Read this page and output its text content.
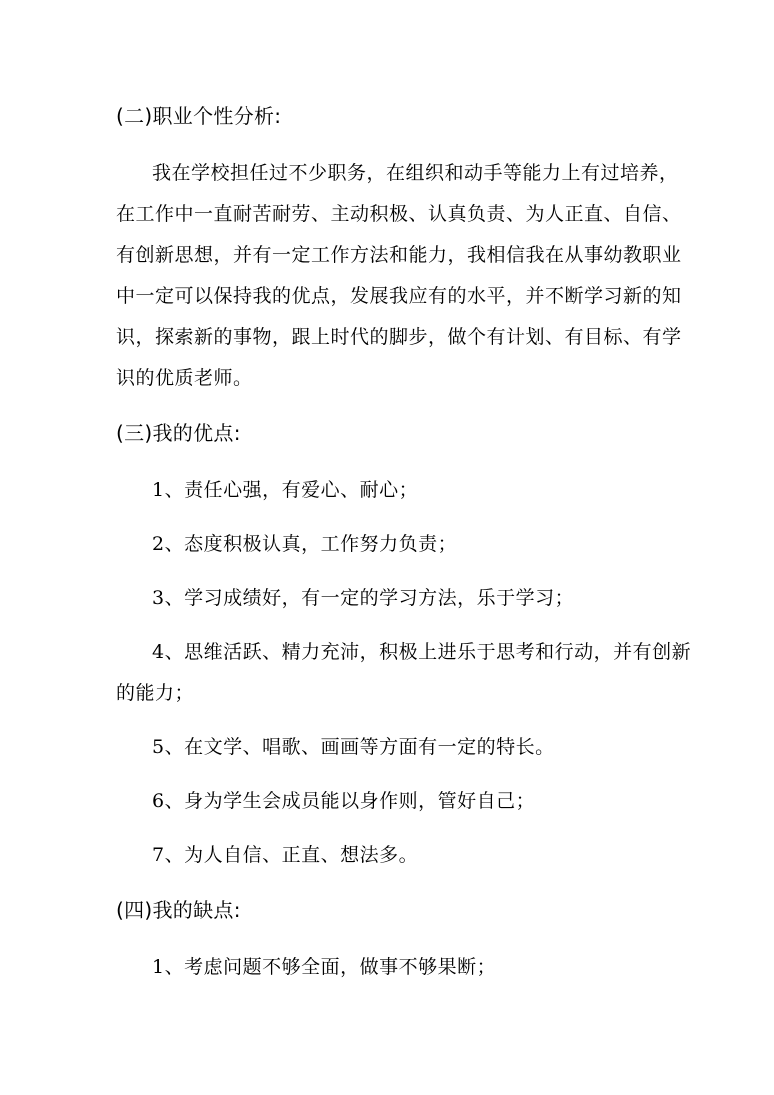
(二)职业个性分析:
我在学校担任过不少职务，在组织和动手等能力上有过培养，
在工作中一直耐苦耐劳、主动积极、认真负责、为人正直、自信、
有创新思想，并有一定工作方法和能力，我相信我在从事幼教职业
中一定可以保持我的优点，发展我应有的水平，并不断学习新的知
识，探索新的事物，跟上时代的脚步，做个有计划、有目标、有学
识的优质老师。
(三)我的优点:
1、责任心强，有爱心、耐心；
2、态度积极认真，工作努力负责；
3、学习成绩好，有一定的学习方法，乐于学习；
4、思维活跃、精力充沛，积极上进乐于思考和行动，并有创新
的能力；
5、在文学、唱歌、画画等方面有一定的特长。
6、身为学生会成员能以身作则，管好自己；
7、为人自信、正直、想法多。
(四)我的缺点:
1、考虑问题不够全面，做事不够果断；
